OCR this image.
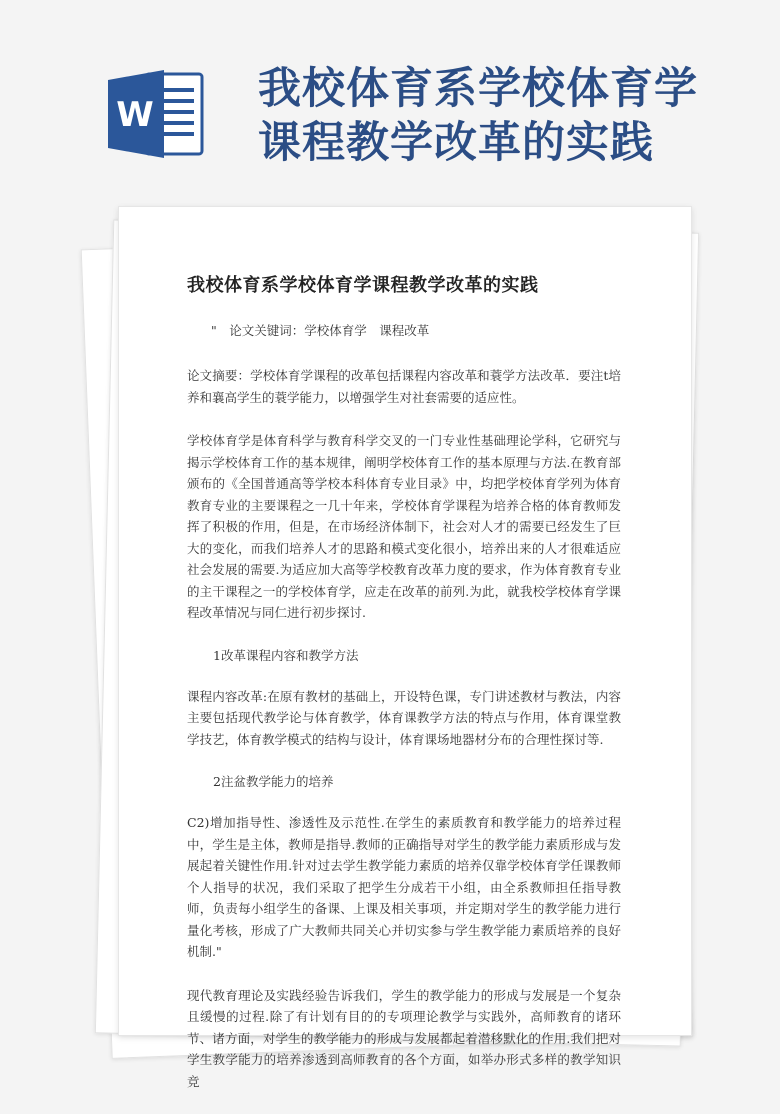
W
我校体育系学校体育学
课程教学改革的实践
我校体育系学校体育学课程教学改革的实践
"　论文关键词：学校体育学　课程改革
论文摘要：学校体育学课程的改革包括课程内容改革和蓑学方法改革．要注t培养和襄高学生的蓑学能力，以增强学生对社套需要的适应性。
学校体育学是体育科学与教育科学交叉的一门专业性基础理论学科，它研究与揭示学校体育工作的基本规律，阐明学校体育工作的基本原理与方法.在教育部颁布的《全国普通高等学校本科体育专业目录》中，均把学校体育学列为体育教育专业的主要课程之一几十年来，学校体育学课程为培养合格的体育教师发挥了积极的作用，但是，在市场经济体制下，社会对人才的需要已经发生了巨大的变化，而我们培养人才的思路和模式变化很小，培养出来的人才很难适应社会发展的需要.为适应加大高等学校教育改革力度的要求，作为体育教育专业的主干课程之一的学校体育学，应走在改革的前列.为此，就我校学校体育学课程改革情况与同仁进行初步探讨.
1改革课程内容和教学方法
课程内容改革:在原有教材的基础上，开设特色课，专门讲述教材与教法，内容主要包括现代教学论与体育教学，体育课教学方法的特点与作用，体育课堂教学技艺，体育教学模式的结构与设计，体育课场地器材分布的合理性探讨等.
2注盆教学能力的培养
C2)增加指导性、渗透性及示范性.在学生的素质教育和教学能力的培养过程中，学生是主体，教师是指导.教师的正确指导对学生的教学能力素质形成与发展起着关键性作用.针对过去学生教学能力素质的培养仅靠学校体育学任课教师个人指导的状况，我们采取了把学生分成若干小组，由全系教师担任指导教师，负责每小组学生的备课、上课及相关事项，并定期对学生的教学能力进行量化考核，形成了广大教师共同关心并切实参与学生教学能力素质培养的良好机制."
现代教育理论及实践经验告诉我们，学生的教学能力的形成与发展是一个复杂且缓慢的过程.除了有计划有目的的专项理论教学与实践外，高师教育的诸环节、诸方面，对学生的教学能力的形成与发展都起着潜移默化的作用.我们把对学生教学能力的培养渗透到高师教育的各个方面，如举办形式多样的教学知识竞
​
